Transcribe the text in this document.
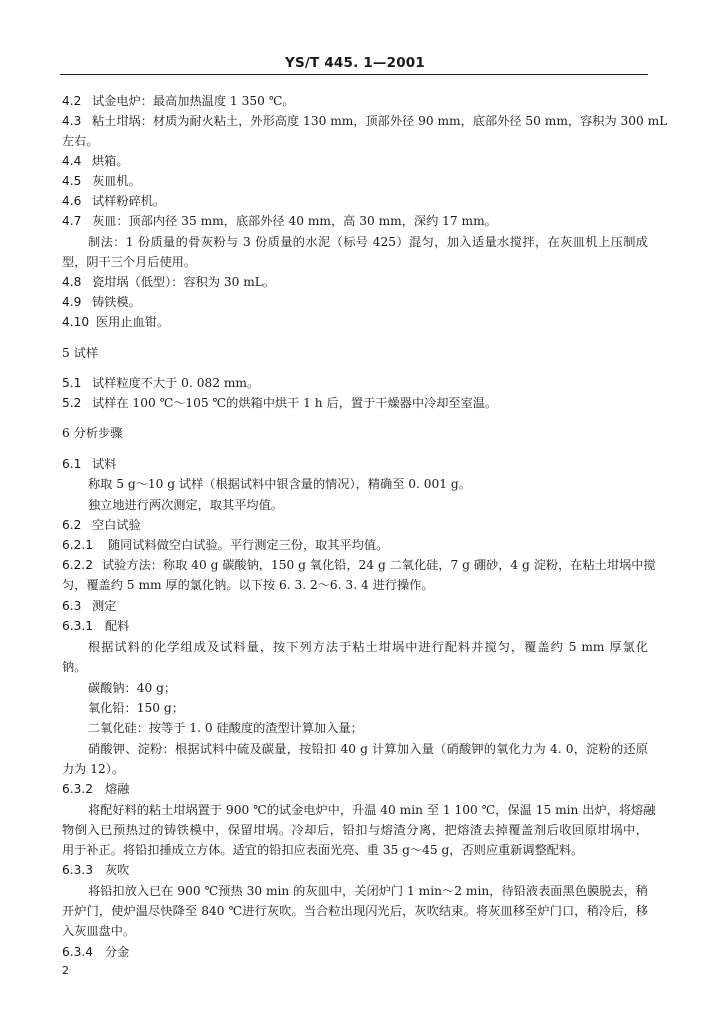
YS/T 445. 1—2001
4.2 试金电炉：最高加热温度 1 350 ℃。
4.3 粘土坩埚：材质为耐火粘土，外形高度 130 mm，顶部外径 90 mm，底部外径 50 mm，容积为 300 mL
左右。
4.4 烘箱。
4.5 灰皿机。
4.6 试样粉碎机。
4.7 灰皿：顶部内径 35 mm，底部外径 40 mm，高 30 mm，深约 17 mm。
制法：1 份质量的骨灰粉与 3 份质量的水泥（标号 425）混匀，加入适量水搅拌，在灰皿机上压制成
型，阴干三个月后使用。
4.8 瓷坩埚（低型）：容积为 30 mL。
4.9 铸铁模。
4.10 医用止血钳。
5 试样
5.1 试样粒度不大于 0. 082 mm。
5.2 试样在 100 ℃～105 ℃的烘箱中烘干 1 h 后，置于干燥器中冷却至室温。
6 分析步骤
6.1 试料
称取 5 g～10 g 试样（根据试料中银含量的情况），精确至 0. 001 g。
独立地进行两次测定，取其平均值。
6.2 空白试验
6.2.1 随同试料做空白试验。平行测定三份，取其平均值。
6.2.2 试验方法：称取 40 g 碳酸钠，150 g 氧化铅，24 g 二氧化硅，7 g 硼砂，4 g 淀粉，在粘土坩埚中搅
匀，覆盖约 5 mm 厚的氯化钠。以下按 6. 3. 2～6. 3. 4 进行操作。
6.3 测定
6.3.1 配料
根据试料的化学组成及试料量，按下列方法于粘土坩埚中进行配料并搅匀，覆盖约 5 mm 厚氯化
钠。
碳酸钠：40 g；
氧化铅：150 g；
二氧化硅：按等于 1. 0 硅酸度的渣型计算加入量；
硝酸钾、淀粉：根据试料中硫及碳量，按铅扣 40 g 计算加入量（硝酸钾的氧化力为 4. 0，淀粉的还原
力为 12）。
6.3.2 熔融
将配好料的粘土坩埚置于 900 ℃的试金电炉中，升温 40 min 至 1 100 ℃，保温 15 min 出炉，将熔融
物倒入已预热过的铸铁模中，保留坩埚。冷却后，铅扣与熔渣分离，把熔渣去掉覆盖剂后收回原坩埚中，
用于补正。将铅扣捶成立方体。适宜的铅扣应表面光亮、重 35 g～45 g，否则应重新调整配料。
6.3.3 灰吹
将铅扣放入已在 900 ℃预热 30 min 的灰皿中，关闭炉门 1 min～2 min，待铅液表面黑色膜脱去，稍
开炉门，使炉温尽快降至 840 ℃进行灰吹。当合粒出现闪光后，灰吹结束。将灰皿移至炉门口，稍冷后，移
入灰皿盘中。
6.3.4 分金
2
